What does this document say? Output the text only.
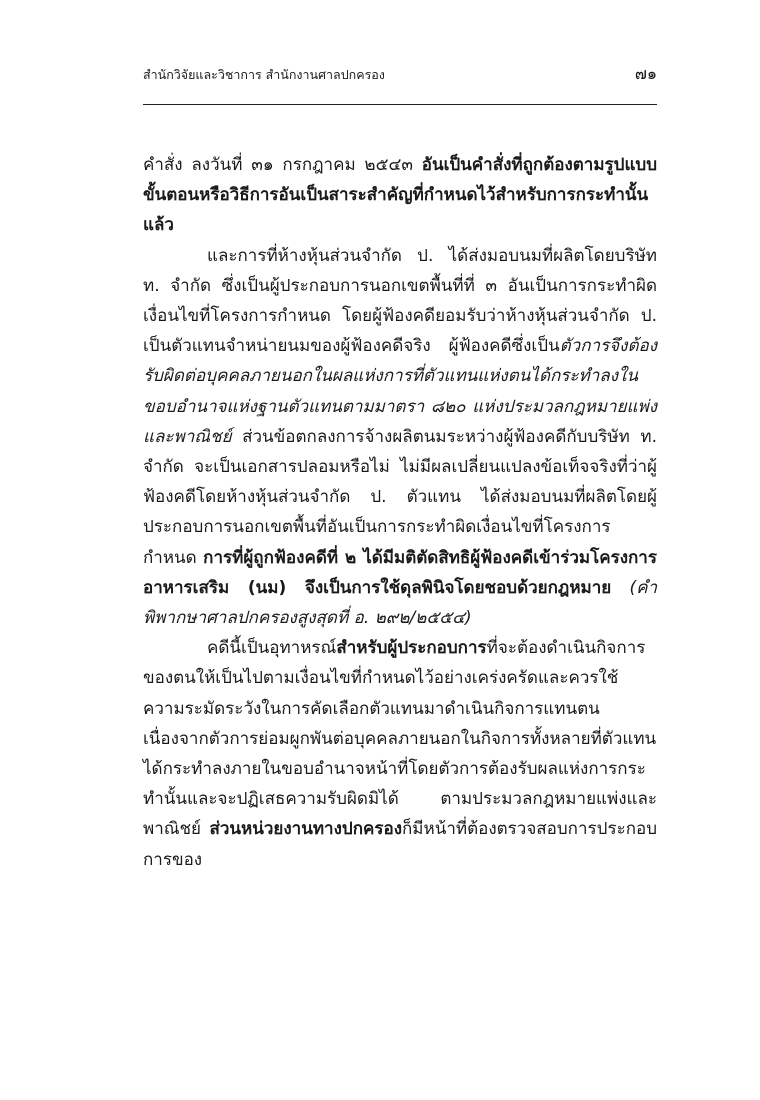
สำนักวิจัยและวิชาการ สำนักงานศาลปกครอง	๗๑

คำสั่ง ลงวันที่ ๓๑ กรกฎาคม ๒๕๔๓ อันเป็นคำสั่งที่ถูกต้องตามรูปแบบขั้นตอนหรือวิธีการอันเป็นสาระสำคัญที่กำหนดไว้สำหรับการกระทำนั้นแล้ว

และการที่ห้างหุ้นส่วนจำกัด ป. ได้ส่งมอบนมที่ผลิตโดยบริษัท ท. จำกัด ซึ่งเป็นผู้ประกอบการนอกเขตพื้นที่ที่ ๓ อันเป็นการกระทำผิดเงื่อนไขที่โครงการกำหนด โดยผู้ฟ้องคดียอมรับว่าห้างหุ้นส่วนจำกัด ป. เป็นตัวแทนจำหน่ายนมของผู้ฟ้องคดีจริง ผู้ฟ้องคดีซึ่งเป็นตัวการจึงต้องรับผิดต่อบุคคลภายนอกในผลแห่งการที่ตัวแทนแห่งตนได้กระทำลงในขอบอำนาจแห่งฐานตัวแทนตามมาตรา ๘๒๐ แห่งประมวลกฎหมายแพ่งและพาณิชย์ ส่วนข้อตกลงการจ้างผลิตนมระหว่างผู้ฟ้องคดีกับบริษัท ท. จำกัด จะเป็นเอกสารปลอมหรือไม่ ไม่มีผลเปลี่ยนแปลงข้อเท็จจริงที่ว่าผู้ฟ้องคดีโดยห้างหุ้นส่วนจำกัด ป. ตัวแทน ได้ส่งมอบนมที่ผลิตโดยผู้ประกอบการนอกเขตพื้นที่อันเป็นการกระทำผิดเงื่อนไขที่โครงการกำหนด การที่ผู้ถูกฟ้องคดีที่ ๒ ได้มีมติตัดสิทธิผู้ฟ้องคดีเข้าร่วมโครงการอาหารเสริม (นม) จึงเป็นการใช้ดุลพินิจโดยชอบด้วยกฎหมาย (คำพิพากษาศาลปกครองสูงสุดที่ อ. ๒๙๒/๒๕๕๔)

คดีนี้เป็นอุทาหรณ์สำหรับผู้ประกอบการที่จะต้องดำเนินกิจการของตนให้เป็นไปตามเงื่อนไขที่กำหนดไว้อย่างเคร่งครัดและควรใช้ความระมัดระวังในการคัดเลือกตัวแทนมาดำเนินกิจการแทนตน เนื่องจากตัวการย่อมผูกพันต่อบุคคลภายนอกในกิจการทั้งหลายที่ตัวแทนได้กระทำลงภายในขอบอำนาจหน้าที่โดยตัวการต้องรับผลแห่งการกระทำนั้นและจะปฏิเสธความรับผิดมิได้ ตามประมวลกฎหมายแพ่งและพาณิชย์ ส่วนหน่วยงานทางปกครองก็มีหน้าที่ต้องตรวจสอบการประกอบการของ
